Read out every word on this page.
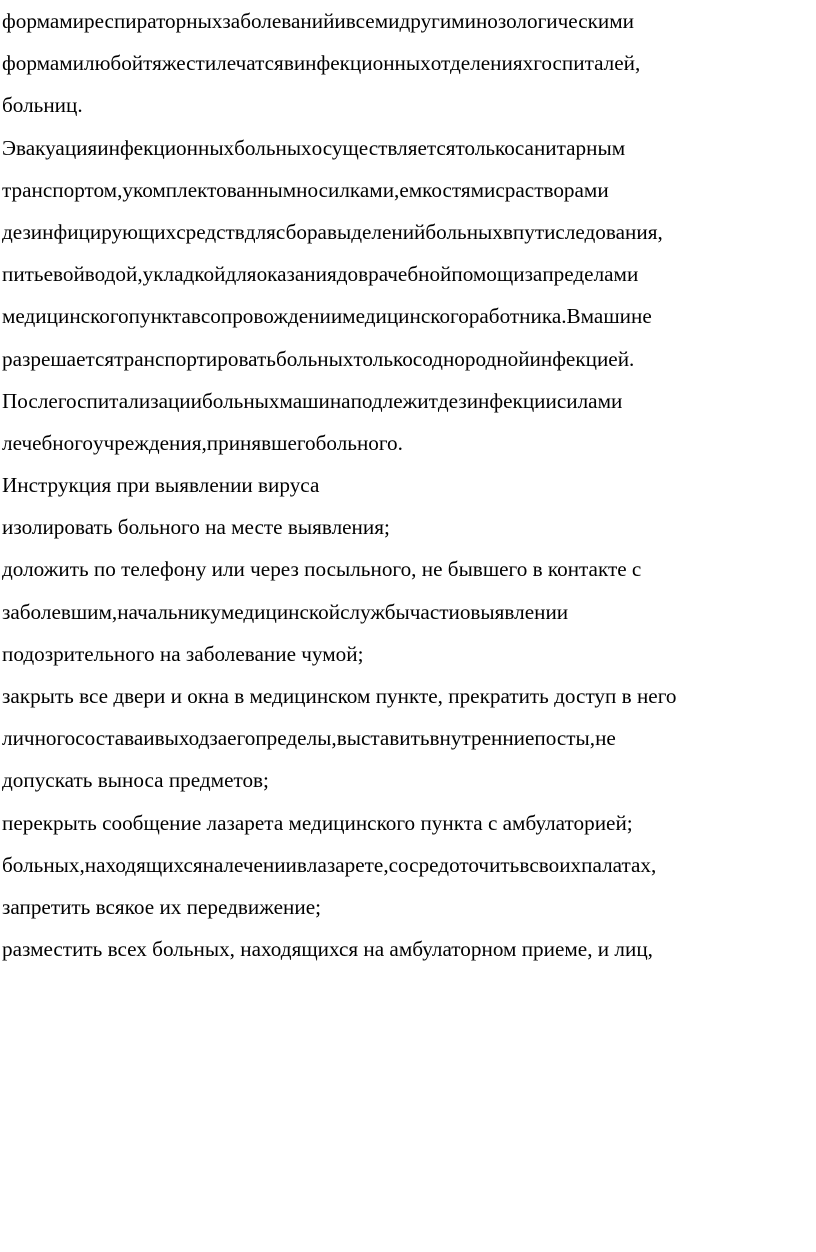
формами респираторных заболеваний и всеми другими нозологическими
формами любой тяжести лечатся в инфекционных отделениях госпиталей,
больниц.
Эвакуация инфекционных больных осуществляется только санитарным
транспортом, укомплектованным носилками, емкостями с растворами
дезинфицирующих средств для сбора выделений больных в пути следования,
питьевой водой, укладкой для оказания доврачебной помощи за пределами
медицинского пункта в сопровождении медицинского работника. В машине
разрешается транспортировать больных только с однородной инфекцией.
После госпитализации больных машина подлежит дезинфекции силами
лечебного учреждения, принявшего больного.
Инструкция при выявлении вируса
изолировать больного на месте выявления;
доложить по телефону или через посыльного, не бывшего в контакте с
заболевшим, начальнику медицинской службы части о выявлении
подозрительного на заболевание чумой;
закрыть все двери и окна в медицинском пункте, прекратить доступ в него
личного состава и выход за его пределы, выставить внутренние посты, не
допускать выноса предметов;
перекрыть сообщение лазарета медицинского пункта с амбулаторией;
больных, находящихся на лечении в лазарете, сосредоточить в своих палатах,
запретить всякое их передвижение;
разместить всех больных, находящихся на амбулаторном приеме, и лиц,
